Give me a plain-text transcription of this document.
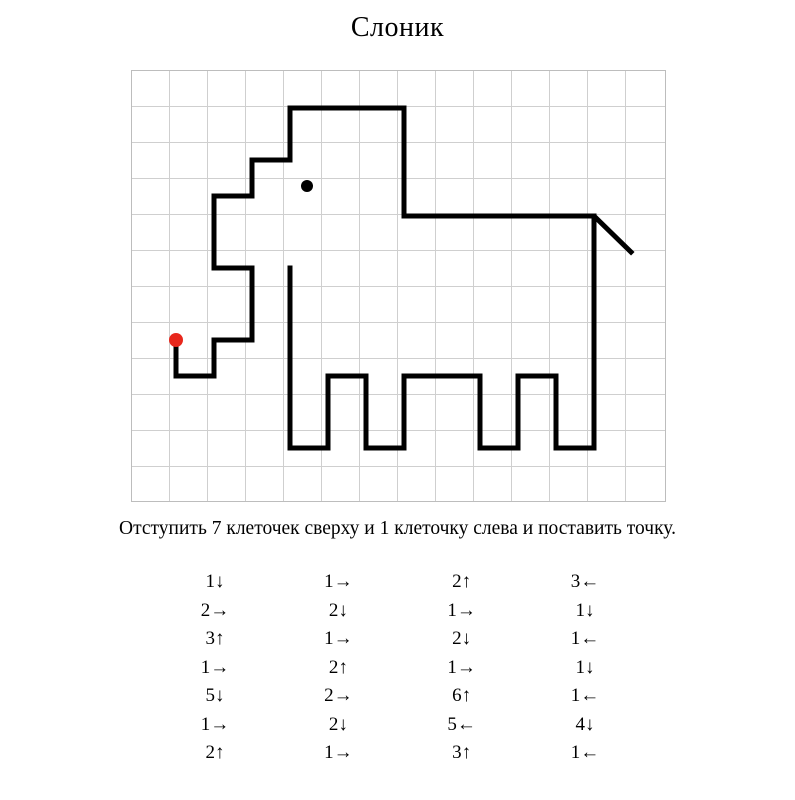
Слоник
Отступить 7 клеточек сверху и 1 клеточку слева и поставить точку.
1↓
2→
3↑
1→
5↓
1→
2↑
1→
2↓
1→
2↑
2→
2↓
1→
2↑
1→
2↓
1→
6↑
5←
3↑
3←
1↓
1←
1↓
1←
4↓
1←
